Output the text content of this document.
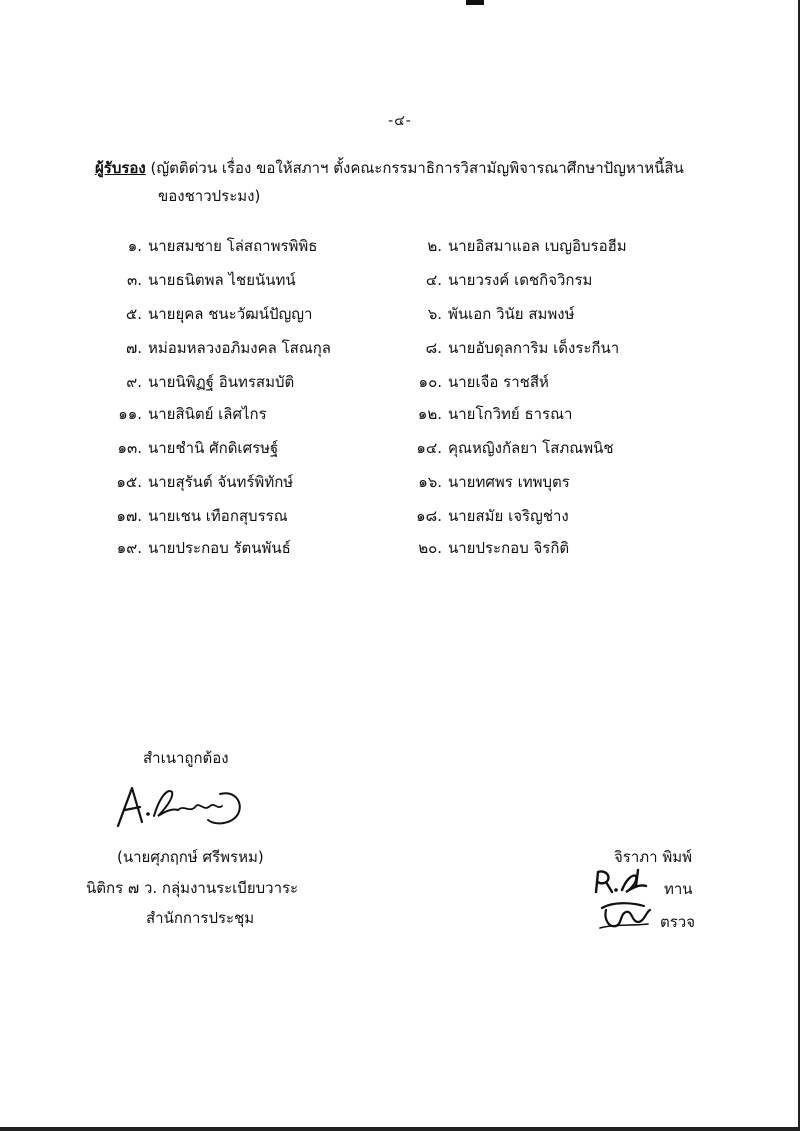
-๔-
ผู้รับรอง (ญัตติด่วน เรื่อง ขอให้สภาฯ ตั้งคณะกรรมาธิการวิสามัญพิจารณาศึกษาปัญหาหนี้สิน
ของชาวประมง)
๑. นายสมชาย โล่สถาพรพิพิธ	๒. นายอิสมาแอล เบญอิบรอฮีม
๓. นายธนิตพล ไชยนันทน์	๔. นายวรงค์ เดชกิจวิกรม
๕. นายยุคล ชนะวัฒน์ปัญญา	๖. พันเอก วินัย สมพงษ์
๗. หม่อมหลวงอภิมงคล โสณกุล	๘. นายอับดุลการิม เด็งระกีนา
๙. นายนิพิฏฐ์ อินทรสมบัติ	๑๐. นายเจือ ราชสีห์
๑๑. นายสินิตย์ เลิศไกร	๑๒. นายโกวิทย์ ธารณา
๑๓. นายชำนิ ศักดิเศรษฐ์	๑๔. คุณหญิงกัลยา โสภณพนิช
๑๕. นายสุรันต์ จันทร์พิทักษ์	๑๖. นายทศพร เทพบุตร
๑๗. นายเชน เทือกสุบรรณ	๑๘. นายสมัย เจริญช่าง
๑๙. นายประกอบ รัตนพันธ์	๒๐. นายประกอบ จิรกิติ
สำเนาถูกต้อง
(นายศุภฤกษ์ ศรีพรหม)
นิติกร ๗ ว. กลุ่มงานระเบียบวาระ
สำนักการประชุม
จิราภา พิมพ์
ทาน
ตรวจ
